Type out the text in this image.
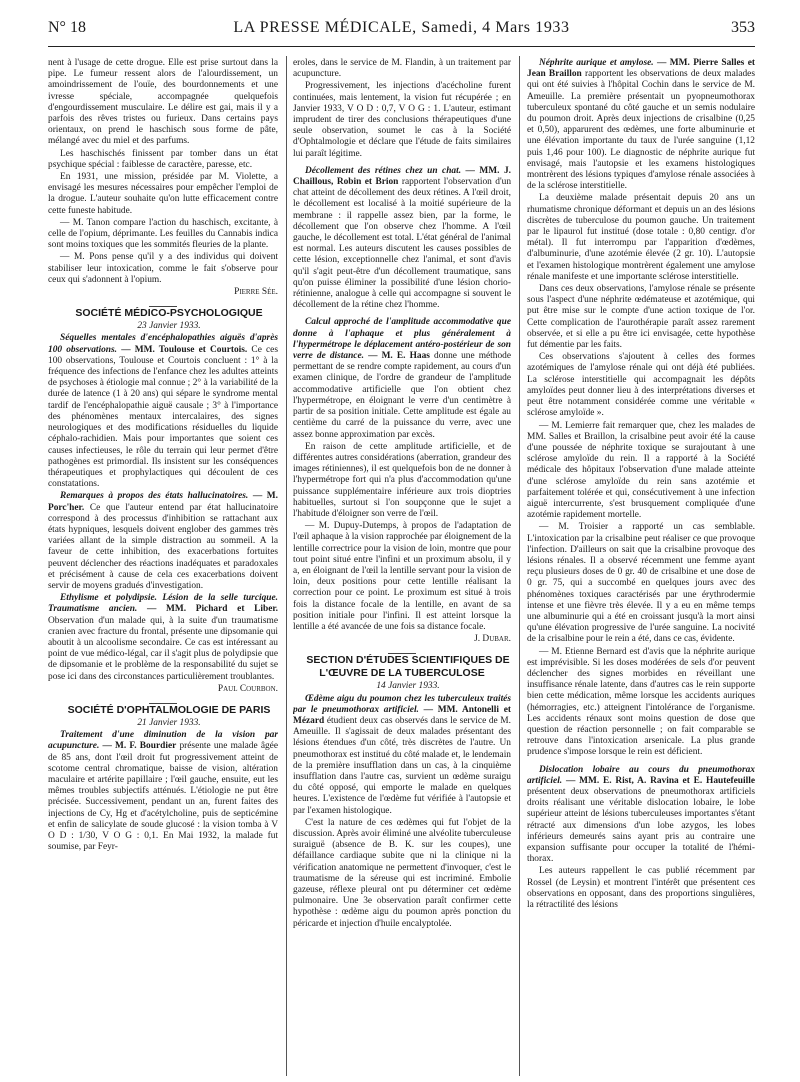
LA PRESSE MÉDICALE, Samedi, 4 Mars 1933
N° 18	353

nent à l'usage de cette drogue. Elle est prise surtout dans la pipe. Le fumeur ressent alors de l'alourdissement, un amoindrissement de l'ouïe, des bourdonnements et une ivresse spéciale, accompagnée quelquefois d'engourdissement musculaire. Le délire est gai, mais il y a parfois des rêves tristes ou furieux. Dans certains pays orientaux, on prend le haschisch sous forme de pâte, mélangé avec du miel et des parfums.

Les haschischés finissent par tomber dans un état psychique spécial : faiblesse de caractère, paresse, etc.

En 1931, une mission, présidée par M. Violette, a envisagé les mesures nécessaires pour empêcher l'emploi de la drogue. L'auteur souhaite qu'on lutte efficacement contre cette funeste habitude.

— M. Tanon compare l'action du haschisch, excitante, à celle de l'opium, déprimante. Les feuilles du Cannabis indica sont moins toxiques que les sommités fleuries de la plante.

— M. Pons pense qu'il y a des individus qui doivent stabiliser leur intoxication, comme le fait s'observe pour ceux qui s'adonnent à l'opium.

Pierre Sée.

SOCIÉTÉ MÉDICO-PSYCHOLOGIQUE

23 Janvier 1933.

Séquelles mentales d'encéphalopathies aiguës d'après 100 observations. — MM. Toulouse et Courtois. Ce ces 100 observations, Toulouse et Courtois concluent : 1° à la fréquence des infections de l'enfance chez les adultes atteints de psychoses à étiologie mal connue ; 2° à la variabilité de la durée de latence (1 à 20 ans) qui sépare le syndrome mental tardif de l'encéphalopathie aiguë causale ; 3° à l'importance des phénomènes mentaux intercalaires, des signes neurologiques et des modifications résiduelles du liquide céphalo-rachidien. Mais pour importantes que soient ces causes infectieuses, le rôle du terrain qui leur permet d'être pathogènes est primordial. Ils insistent sur les conséquences thérapeutiques et prophylactiques qui découlent de ces constatations.

Remarques à propos des états hallucinatoires. — M. Porc'her. Ce que l'auteur entend par état hallucinatoire correspond à des processus d'inhibition se rattachant aux états hypniques, lesquels doivent englober des gammes très variées allant de la simple distraction au sommeil. A la faveur de cette inhibition, des exacerbations fortuites peuvent déclencher des réactions inadéquates et paradoxales et précisément à cause de cela ces exacerbations doivent servir de moyens gradués d'investigation.

Ethylisme et polydipsie. Lésion de la selle turcique. Traumatisme ancien. — MM. Pichard et Liber. Observation d'un malade qui, à la suite d'un traumatisme cranien avec fracture du frontal, présente une dipsomanie qui aboutit à un alcoolisme secondaire. Ce cas est intéressant au point de vue médico-légal, car il s'agit plus de polydipsie que de dipsomanie et le problème de la responsabilité du sujet se pose ici dans des circonstances particulièrement troublantes.

Paul Courbon.

SOCIÉTÉ D'OPHTALMOLOGIE DE PARIS

21 Janvier 1933.

Traitement d'une diminution de la vision par acupuncture. — M. F. Bourdier présente une malade âgée de 85 ans, dont l'œil droit fut progressivement atteint de scotome central chromatique, baisse de vision, altération maculaire et artérite papillaire ; l'œil gauche, ensuite, eut les mêmes troubles subjectifs atténués. L'étiologie ne put être précisée. Successivement, pendant un an, furent faites des injections de Cy, Hg et d'acétylcholine, puis de septicémine et enfin de salicylate de soude glucosé : la vision tomba à V O D : 1/30, V O G : 0,1. En Mai 1932, la malade fut soumise, par Feyr-

eroles, dans le service de M. Flandin, à un traitement par acupuncture.

Progressivement, les injections d'acécholine furent continuées, mais lentement, la vision fut récupérée ; en Janvier 1933, V O D : 0,7, V O G : 1. L'auteur, estimant imprudent de tirer des conclusions thérapeutiques d'une seule observation, soumet le cas à la Société d'Ophtalmologie et déclare que l'étude de faits similaires lui paraît légitime.

Décollement des rétines chez un chat. — MM. J. Chaillous, Robin et Brion rapportent l'observation d'un chat atteint de décollement des deux rétines. A l'œil droit, le décollement est localisé à la moitié supérieure de la membrane : il rappelle assez bien, par la forme, le décollement que l'on observe chez l'homme. A l'œil gauche, le décollement est total. L'état général de l'animal est normal. Les auteurs discutent les causes possibles de cette lésion, exceptionnelle chez l'animal, et sont d'avis qu'il s'agit peut-être d'un décollement traumatique, sans qu'on puisse éliminer la possibilité d'une lésion chorio-rétinienne, analogue à celle qui accompagne si souvent le décollement de la rétine chez l'homme.

Calcul approché de l'amplitude accommodative que donne à l'aphaque et plus généralement à l'hypermétrope le déplacement antéro-postérieur de son verre de distance. — M. E. Haas donne une méthode permettant de se rendre compte rapidement, au cours d'un examen clinique, de l'ordre de grandeur de l'amplitude accommodative artificielle que l'on obtient chez l'hypermétrope, en éloignant le verre d'un centimètre à partir de sa position initiale. Cette amplitude est égale au centième du carré de la puissance du verre, avec une assez bonne approximation par excès.

En raison de cette amplitude artificielle, et de différentes autres considérations (aberration, grandeur des images rétiniennes), il est quelquefois bon de ne donner à l'hypermétrope fort qui n'a plus d'accommodation qu'une puissance supplémentaire inférieure aux trois dioptries habituelles, surtout si l'on soupçonne que le sujet a l'habitude d'éloigner son verre de l'œil.

— M. Dupuy-Dutemps, à propos de l'adaptation de l'œil aphaque à la vision rapprochée par éloignement de la lentille correctrice pour la vision de loin, montre que pour tout point situé entre l'infini et un proximum absolu, il y a, en éloignant de l'œil la lentille servant pour la vision de loin, deux positions pour cette lentille réalisant la correction pour ce point. Le proximum est situé à trois fois la distance focale de la lentille, en avant de sa position initiale pour l'infini. Il est atteint lorsque la lentille a été avancée de une fois sa distance focale.

J. Dubar.

SECTION D'ÉTUDES SCIENTIFIQUES DE L'ŒUVRE DE LA TUBERCULOSE

14 Janvier 1933.

Œdème aigu du poumon chez les tuberculeux traités par le pneumothorax artificiel. — MM. Antonelli et Mézard étudient deux cas observés dans le service de M. Ameuille. Il s'agissait de deux malades présentant des lésions étendues d'un côté, très discrètes de l'autre. Un pneumothorax est institué du côté malade et, le lendemain de la première insufflation dans un cas, à la cinquième insufflation dans l'autre cas, survient un œdème suraigu du côté opposé, qui emporte le malade en quelques heures. L'existence de l'œdème fut vérifiée à l'autopsie et par l'examen histologique.

C'est la nature de ces œdèmes qui fut l'objet de la discussion. Après avoir éliminé une alvéolite tuberculeuse suraiguë (absence de B. K. sur les coupes), une défaillance cardiaque subite que ni la clinique ni la vérification anatomique ne permettent d'invoquer, c'est le traumatisme de la séreuse qui est incriminé. Embolie gazeuse, réflexe pleural ont pu déterminer cet œdème pulmonaire. Une 3e observation paraît confirmer cette hypothèse : œdème aigu du poumon après ponction du péricarde et injection d'huile encalyptolée.

Néphrite aurique et amylose. — MM. Pierre Salles et Jean Braillon rapportent les observations de deux malades qui ont été suivies à l'hôpital Cochin dans le service de M. Ameuille. La première présentait un pyopneumothorax tuberculeux spontané du côté gauche et un semis nodulaire du poumon droit. Après deux injections de crisalbine (0,25 et 0,50), apparurent des œdèmes, une forte albuminurie et une élévation importante du taux de l'urée sanguine (1,12 puis 1,46 pour 100). Le diagnostic de néphrite aurique fut envisagé, mais l'autopsie et les examens histologiques montrèrent des lésions typiques d'amylose rénale associées à de la sclérose interstitielle.

La deuxième malade présentait depuis 20 ans un rhumatisme chronique déformant et depuis un an des lésions discrètes de tuberculose du poumon gauche. Un traitement par le lipaurol fut institué (dose totale : 0,80 centigr. d'or métal). Il fut interrompu par l'apparition d'œdèmes, d'albuminurie, d'une azotémie élevée (2 gr. 10). L'autopsie et l'examen histologique montrèrent également une amylose rénale manifeste et une importante sclérose interstitielle.

Dans ces deux observations, l'amylose rénale se présente sous l'aspect d'une néphrite œdémateuse et azotémique, qui put être mise sur le compte d'une action toxique de l'or. Cette complication de l'aurothérapie paraît assez rarement observée, et si elle a pu être ici envisagée, cette hypothèse fut démentie par les faits.

Ces observations s'ajoutent à celles des formes azotémiques de l'amylose rénale qui ont déjà été publiées. La sclérose interstitielle qui accompagnait les dépôts amyloïdes peut donner lieu à des interprétations diverses et peut être notamment considérée comme une véritable « sclérose amyloïde ».

— M. Lemierre fait remarquer que, chez les malades de MM. Salles et Braillon, la crisalbine peut avoir été la cause d'une poussée de néphrite toxique se surajoutant à une sclérose amyloïde du rein. Il a rapporté à la Société médicale des hôpitaux l'observation d'une malade atteinte d'une sclérose amyloïde du rein sans azotémie et parfaitement tolérée et qui, consécutivement à une infection aiguë intercurrente, s'est brusquement compliquée d'une azotémie rapidement mortelle.

— M. Troisier a rapporté un cas semblable. L'intoxication par la crisalbine peut réaliser ce que provoque l'infection. D'ailleurs on sait que la crisalbine provoque des lésions rénales. Il a observé récemment une femme ayant reçu plusieurs doses de 0 gr. 40 de crisalbine et une dose de 0 gr. 75, qui a succombé en quelques jours avec des phénomènes toxiques caractérisés par une érythrodermie intense et une fièvre très élevée. Il y a eu en même temps une albuminurie qui a été en croissant jusqu'à la mort ainsi qu'une élévation progressive de l'urée sanguine. La nocivité de la crisalbine pour le rein a été, dans ce cas, évidente.

— M. Etienne Bernard est d'avis que la néphrite aurique est imprévisible. Si les doses modérées de sels d'or peuvent déclencher des signes morbides en réveillant une insuffisance rénale latente, dans d'autres cas le rein supporte bien cette médication, même lorsque les accidents auriques (hémorragies, etc.) atteignent l'intolérance de l'organisme. Les accidents rénaux sont moins question de dose que question de réaction personnelle ; on fait comparable se retrouve dans l'intoxication arsenicale. La plus grande prudence s'impose lorsque le rein est déficient.

Dislocation lobaire au cours du pneumothorax artificiel. — MM. E. Rist, A. Ravina et E. Hautefeuille présentent deux observations de pneumothorax artificiels droits réalisant une véritable dislocation lobaire, le lobe supérieur atteint de lésions tuberculeuses importantes s'étant rétracté aux dimensions d'un lobe azygos, les lobes inférieurs demeurés sains ayant pris au contraire une expansion suffisante pour occuper la totalité de l'hémi-thorax.

Les auteurs rappellent le cas publié récemment par Rossel (de Leysin) et montrent l'intérêt que présentent ces observations en opposant, dans des proportions singulières, la rétractilité des lésions
